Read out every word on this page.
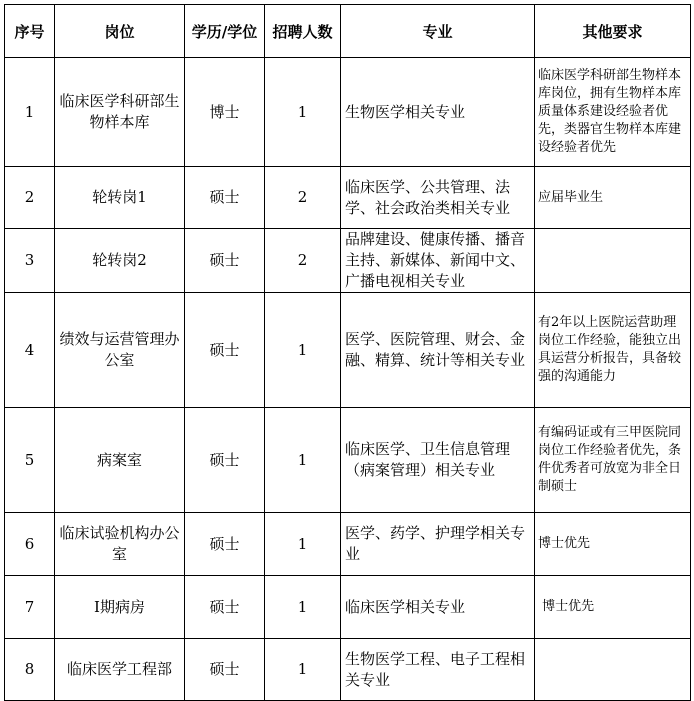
序号	岗位	学历/学位	招聘人数	专业	其他要求
1	临床医学科研部生物样本库	博士	1	生物医学相关专业	临床医学科研部生物样本库岗位，拥有生物样本库质量体系建设经验者优先，类器官生物样本库建设经验者优先
2	轮转岗1	硕士	2	临床医学、公共管理、法学、社会政治类相关专业	应届毕业生
3	轮转岗2	硕士	2	品牌建设、健康传播、播音主持、新媒体、新闻中文、广播电视相关专业	
4	绩效与运营管理办公室	硕士	1	医学、医院管理、财会、金融、精算、统计等相关专业	有2年以上医院运营助理岗位工作经验，能独立出具运营分析报告，具备较强的沟通能力
5	病案室	硕士	1	临床医学、卫生信息管理（病案管理）相关专业	有编码证或有三甲医院同岗位工作经验者优先，条件优秀者可放宽为非全日制硕士
6	临床试验机构办公室	硕士	1	医学、药学、护理学相关专业	博士优先
7	Ⅰ期病房	硕士	1	临床医学相关专业	博士优先
8	临床医学工程部	硕士	1	生物医学工程、电子工程相关专业	
